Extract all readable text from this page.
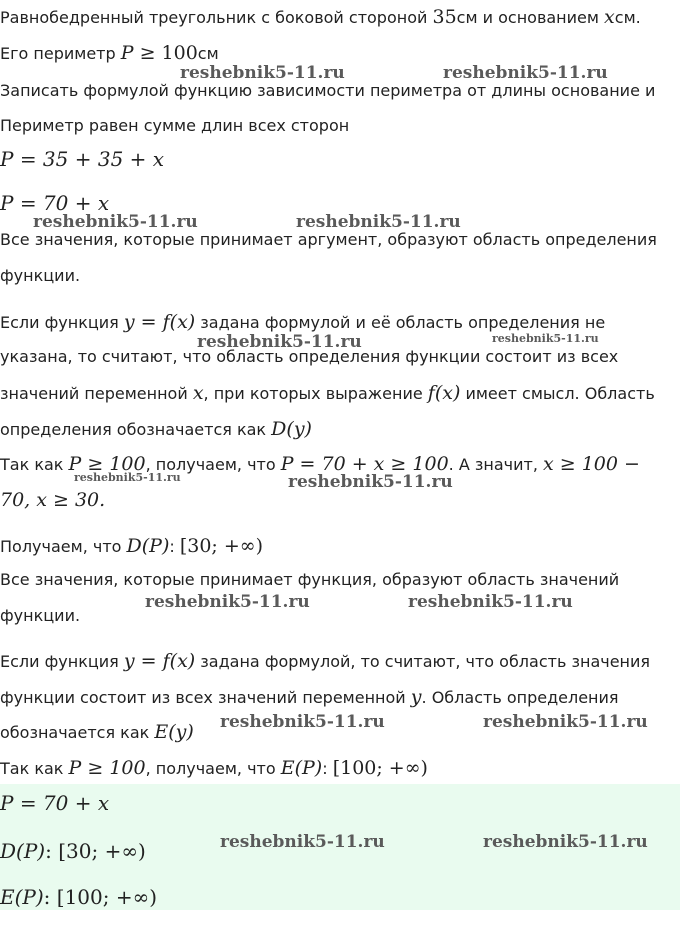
Равнобедренный треугольник с боковой стороной 35см и основанием xсм.
Его периметр P ≥ 100см
Записать формулой функцию зависимости периметра от длины основание и
Периметр равен сумме длин всех сторон
P = 35 + 35 + x
P = 70 + x
Все значения, которые принимает аргумент, образуют область определения
функции.
Если функция y = f(x) задана формулой и её область определения не
указана, то считают, что область определения функции состоит из всех
значений переменной x, при которых выражение f(x) имеет смысл. Область
определения обозначается как D(y)
Так как P ≥ 100, получаем, что P = 70 + x ≥ 100. А значит, x ≥ 100 −
70, x ≥ 30.
Получаем, что D(P): [30; +∞)
Все значения, которые принимает функция, образуют область значений
функции.
Если функция y = f(x) задана формулой, то считают, что область значения
функции состоит из всех значений переменной y. Область определения
обозначается как E(y)
Так как P ≥ 100, получаем, что E(P): [100; +∞)
P = 70 + x
D(P): [30; +∞)
E(P): [100; +∞)
reshebnik5-11.ru	reshebnik5-11.ru
reshebnik5-11.ru	reshebnik5-11.ru
reshebnik5-11.ru	reshebnik5-11.ru
reshebnik5-11.ru	reshebnik5-11.ru
reshebnik5-11.ru	reshebnik5-11.ru
reshebnik5-11.ru	reshebnik5-11.ru
reshebnik5-11.ru	reshebnik5-11.ru
